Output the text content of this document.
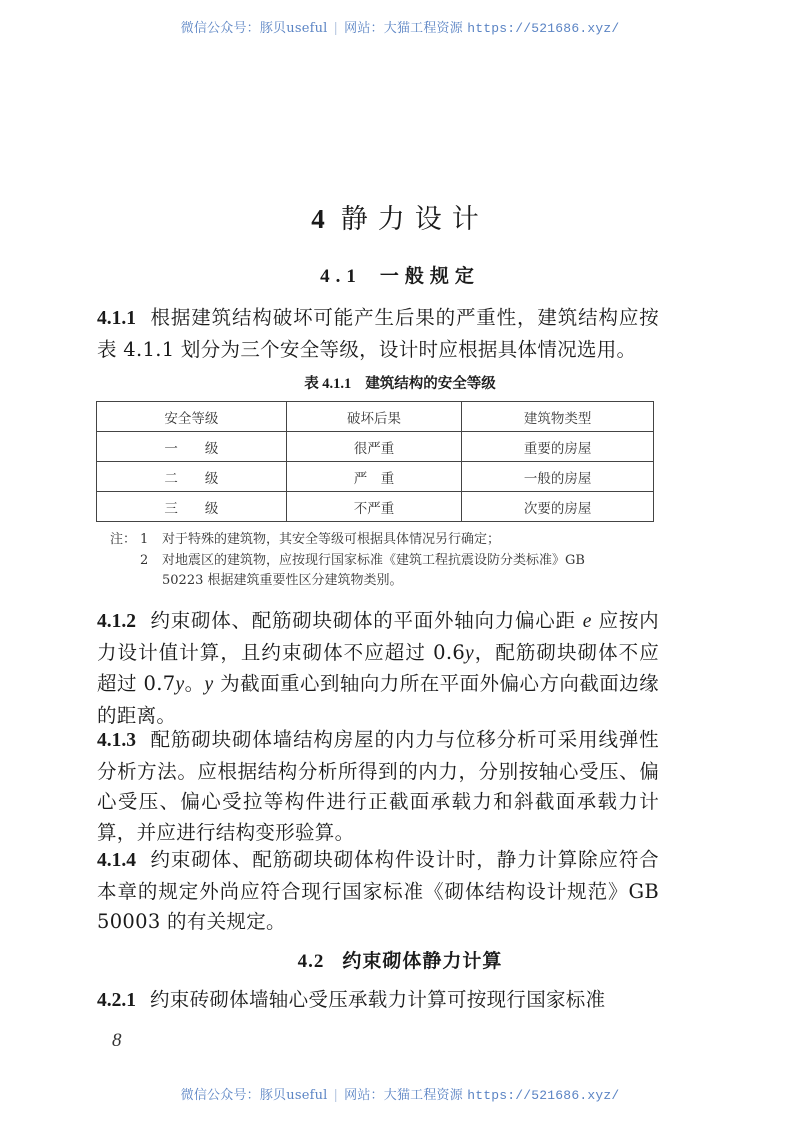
微信公众号：豚贝useful | 网站：大猫工程资源 https://521686.xyz/
4 静力设计
4.1 一般规定
4.1.1 根据建筑结构破坏可能产生后果的严重性，建筑结构应按表 4.1.1 划分为三个安全等级，设计时应根据具体情况选用。
表 4.1.1 建筑结构的安全等级
安全等级	破坏后果	建筑物类型
一　　级	很严重	重要的房屋
二　　级	严　重	一般的房屋
三　　级	不严重	次要的房屋
注： 1	对于特殊的建筑物，其安全等级可根据具体情况另行确定；
2	对地震区的建筑物，应按现行国家标准《建筑工程抗震设防分类标准》GB
50223 根据建筑重要性区分建筑物类别。
4.1.2 约束砌体、配筋砌块砌体的平面外轴向力偏心距 e 应按内力设计值计算，且约束砌体不应超过 0.6y，配筋砌块砌体不应超过 0.7y。y 为截面重心到轴向力所在平面外偏心方向截面边缘的距离。
4.1.3 配筋砌块砌体墙结构房屋的内力与位移分析可采用线弹性分析方法。应根据结构分析所得到的内力，分别按轴心受压、偏心受压、偏心受拉等构件进行正截面承载力和斜截面承载力计算，并应进行结构变形验算。
4.1.4 约束砌体、配筋砌块砌体构件设计时，静力计算除应符合本章的规定外尚应符合现行国家标准《砌体结构设计规范》GB 50003 的有关规定。
4.2 约束砌体静力计算
4.2.1 约束砖砌体墙轴心受压承载力计算可按现行国家标准
8
微信公众号：豚贝useful | 网站：大猫工程资源 https://521686.xyz/
